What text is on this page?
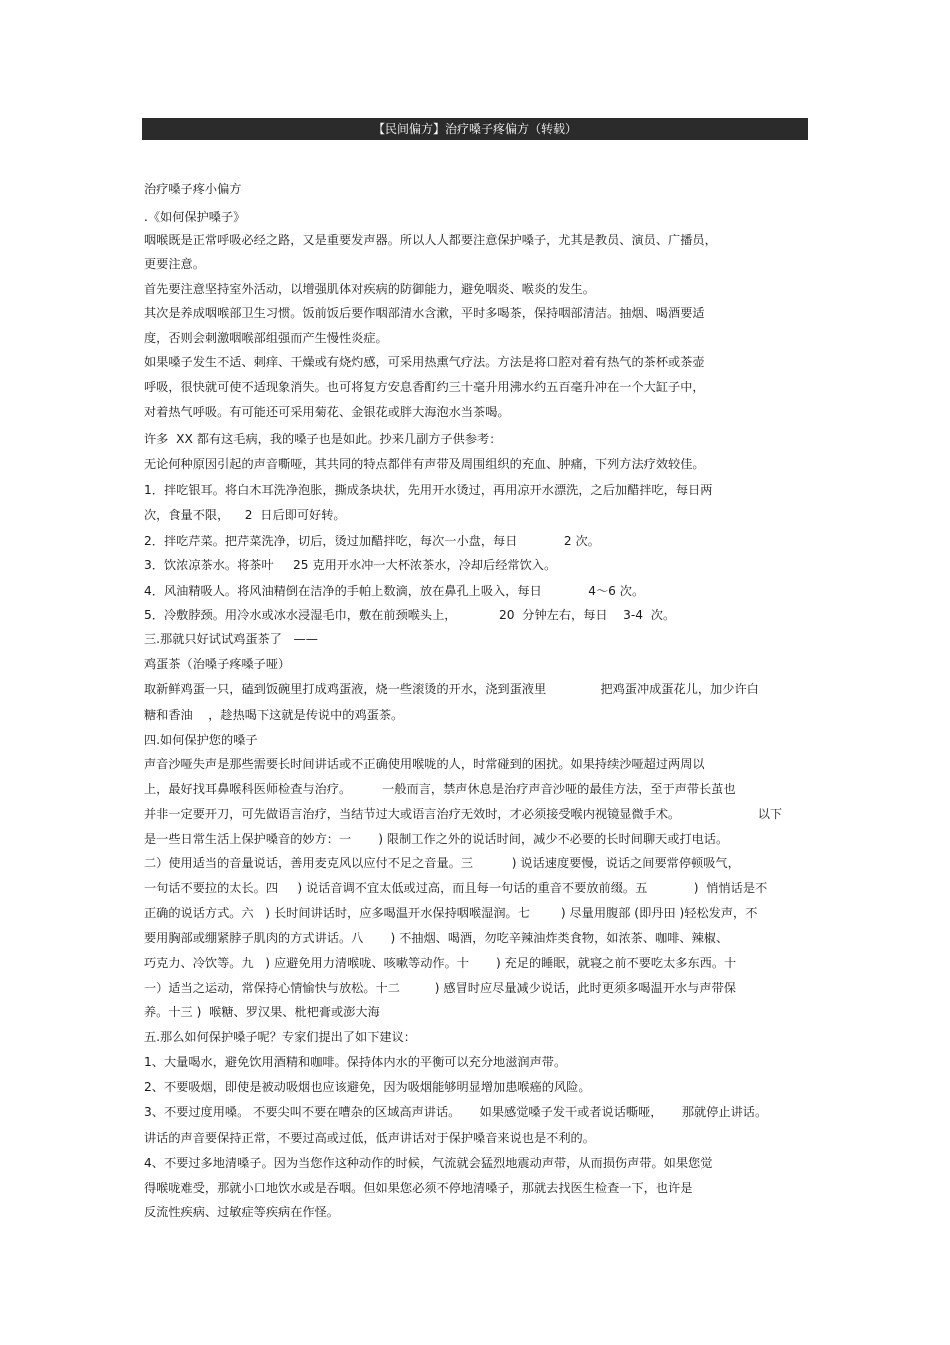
【民间偏方】治疗嗓子疼偏方（转载）
治疗嗓子疼小偏方
.《如何保护嗓子》
咽喉既是正常呼吸必经之路，又是重要发声器。所以人人都要注意保护嗓子，尤其是教员、演员、广播员，
更要注意。
首先要注意坚持室外活动，以增强肌体对疾病的防御能力，避免咽炎、喉炎的发生。
其次是养成咽喉部卫生习惯。饭前饭后要作咽部清水含漱，平时多喝茶，保持咽部清洁。抽烟、喝酒要适
度，否则会刺激咽喉部组强而产生慢性炎症。
如果嗓子发生不适、刺痒、干燥或有烧灼感，可采用热熏气疗法。方法是将口腔对着有热气的茶杯或茶壶
呼吸，很快就可使不适现象消失。也可将复方安息香酊约三十毫升用沸水约五百毫升冲在一个大缸子中，
对着热气呼吸。有可能还可采用菊花、金银花或胖大海泡水当茶喝。
许多  XX 都有这毛病，我的嗓子也是如此。抄来几副方子供参考：
无论何种原因引起的声音嘶哑，其共同的特点都伴有声带及周围组织的充血、肿痛，下列方法疗效较佳。
1．拌吃银耳。将白木耳洗净泡胀，撕成条块状，先用开水烫过，再用凉开水漂洗，之后加醋拌吃，每日两
次，食量不限，    2  日后即可好转。
2．拌吃芹菜。把芹菜洗净，切后，烫过加醋拌吃，每次一小盘，每日            2 次。
3．饮浓凉茶水。将茶叶     25 克用开水冲一大杯浓茶水，冷却后经常饮入。
4．风油精吸人。将风油精倒在洁净的手帕上数滴，放在鼻孔上吸入，每日            4～6 次。
5．冷敷脖颈。用冷水或冰水浸湿毛巾，敷在前颈喉头上，           20  分钟左右，每日    3-4  次。
三.那就只好试试鸡蛋茶了   ——
鸡蛋茶（治嗓子疼嗓子哑）
取新鲜鸡蛋一只，磕到饭碗里打成鸡蛋液，烧一些滚烫的开水，浇到蛋液里              把鸡蛋冲成蛋花儿，加少许白
糖和香油    ，趁热喝下这就是传说中的鸡蛋茶。
四.如何保护您的嗓子
声音沙哑失声是那些需要长时间讲话或不正确使用喉咙的人，时常碰到的困扰。如果持续沙哑超过两周以
上，最好找耳鼻喉科医师检查与治疗。        一般而言，禁声休息是治疗声音沙哑的最佳方法，至于声带长茧也
并非一定要开刀，可先做语言治疗，当结节过大或语言治疗无效时，才必须接受喉内视镜显微手术。                    以下
是一些日常生活上保护嗓音的妙方：一       ) 限制工作之外的说话时间，减少不必要的长时间聊天或打电话。
二）使用适当的音量说话，善用麦克风以应付不足之音量。三          ) 说话速度要慢，说话之间要常停顿吸气，
一句话不要拉的太长。四     ) 说话音调不宜太低或过高，而且每一句话的重音不要放前缀。五            )  悄悄话是不
正确的说话方式。六   ) 长时间讲话时，应多喝温开水保持咽喉湿润。七        ) 尽量用腹部 (即丹田 )轻松发声，不
要用胸部或绷紧脖子肌肉的方式讲话。八       ) 不抽烟、喝酒，勿吃辛辣油炸类食物，如浓茶、咖啡、辣椒、
巧克力、冷饮等。九   ) 应避免用力清喉咙、咳嗽等动作。十       ) 充足的睡眠，就寝之前不要吃太多东西。十
一）适当之运动，常保持心情愉快与放松。十二         ) 感冒时应尽量减少说话，此时更须多喝温开水与声带保
养。十三 )  喉糖、罗汉果、枇杷膏或澎大海
五.那么如何保护嗓子呢？专家们提出了如下建议：
1、大量喝水，避免饮用酒精和咖啡。保持体内水的平衡可以充分地滋润声带。
2、不要吸烟，即使是被动吸烟也应该避免，因为吸烟能够明显增加患喉癌的风险。
3、不要过度用嗓。 不要尖叫不要在嘈杂的区域高声讲话。     如果感觉嗓子发干或者说话嘶哑，     那就停止讲话。
讲话的声音要保持正常，不要过高或过低，低声讲话对于保护嗓音来说也是不利的。
4、不要过多地清嗓子。因为当您作这种动作的时候，气流就会猛烈地震动声带，从而损伤声带。如果您觉
得喉咙难受，那就小口地饮水或是吞咽。但如果您必须不停地清嗓子，那就去找医生检查一下，也许是
反流性疾病、过敏症等疾病在作怪。
